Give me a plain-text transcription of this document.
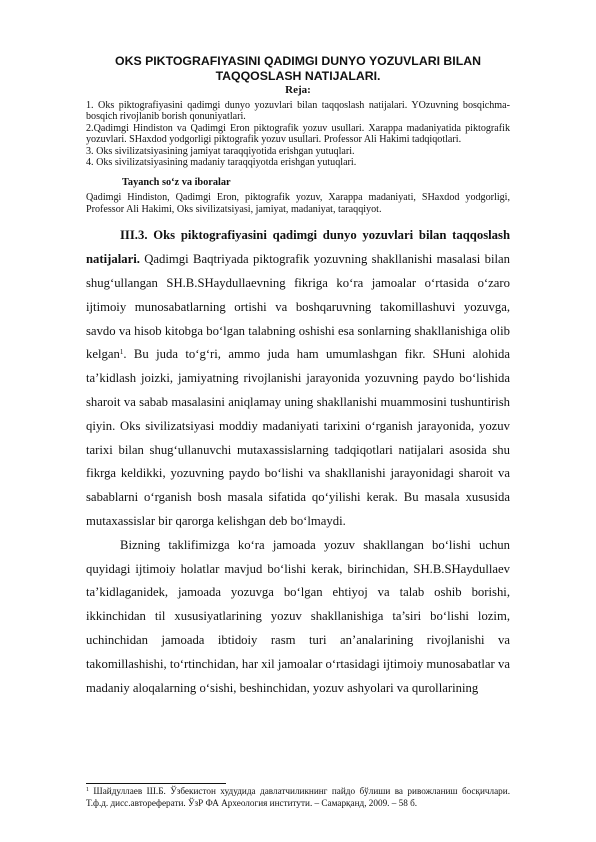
OKS PIKTOGRAFIYASINI QADIMGI DUNYO YOZUVLARI BILAN TAQQOSLASH NATIJALARI.
Reja:

1. Oks piktografiyasini qadimgi dunyo yozuvlari bilan taqqoslash natijalari. YOzuvning bosqichma-bosqich rivojlanib borish qonuniyatlari.

2.Qadimgi Hindiston va Qadimgi Eron piktografik yozuv usullari. Xarappa madaniyatida piktografik yozuvlari. SHaxdod yodgorligi piktografik yozuv usullari. Professor Ali Hakimi tadqiqotlari.

3. Oks sivilizatsiyasining jamiyat taraqqiyotida erishgan yutuqlari.

4. Oks sivilizatsiyasining madaniy taraqqiyotda erishgan yutuqlari.

Tayanch so‘z va iboralar
Qadimgi Hindiston, Qadimgi Eron, piktografik yozuv, Xarappa madaniyati, SHaxdod yodgorligi, Professor Ali Hakimi, Oks sivilizatsiyasi, jamiyat, madaniyat, taraqqiyot.

III.3. Oks piktografiyasini qadimgi dunyo yozuvlari bilan taqqoslash natijalari. Qadimgi Baqtriyada piktografik yozuvning shakllanishi masalasi bilan shug‘ullangan SH.B.SHaydullaevning fikriga ko‘ra jamoalar o‘rtasida o‘zaro ijtimoiy munosabatlarning ortishi va boshqaruvning takomillashuvi yozuvga, savdo va hisob kitobga bo‘lgan talabning oshishi esa sonlarning shakllanishiga olib kelgan$^1$. Bu juda to‘g‘ri, ammo juda ham umumlashgan fikr. SHuni alohida ta’kidlash joizki, jamiyatning rivojlanishi jarayonida yozuvning paydo bo‘lishida sharoit va sabab masalasini aniqlamay uning shakllanishi muammosini tushuntirish qiyin. Oks sivilizatsiyasi moddiy madaniyati tarixini o‘rganish jarayonida, yozuv tarixi bilan shug‘ullanuvchi mutaxassislarning tadqiqotlari natijalari asosida shu fikrga keldikki, yozuvning paydo bo‘lishi va shakllanishi jarayonidagi sharoit va sabablarni o‘rganish bosh masala sifatida qo‘yilishi kerak. Bu masala xususida mutaxassislar bir qarorga kelishgan deb bo‘lmaydi.

Bizning taklifimizga ko‘ra jamoada yozuv shakllangan bo‘lishi uchun quyidagi ijtimoiy holatlar mavjud bo‘lishi kerak, birinchidan, SH.B.SHaydullaev ta’kidlaganidek, jamoada yozuvga bo‘lgan ehtiyoj va talab oshib borishi, ikkinchidan til xususiyatlarining yozuv shakllanishiga ta’siri bo‘lishi lozim, uchinchidan jamoada ibtidoiy rasm turi an’analarining rivojlanishi va takomillashishi, to‘rtinchidan, har xil jamoalar o‘rtasidagi ijtimoiy munosabatlar va madaniy aloqalarning o‘sishi, beshinchidan, yozuv ashyolari va qurollarining

$^1$ Шайдуллаев Ш.Б. Ўзбекистон худудида давлатчиликнинг пайдо бўлиши ва ривожланиш босқичлари. Т.ф.д. дисс.автореферати. ЎзР ФА Археология институти. – Самарқанд, 2009. – 58 б.
